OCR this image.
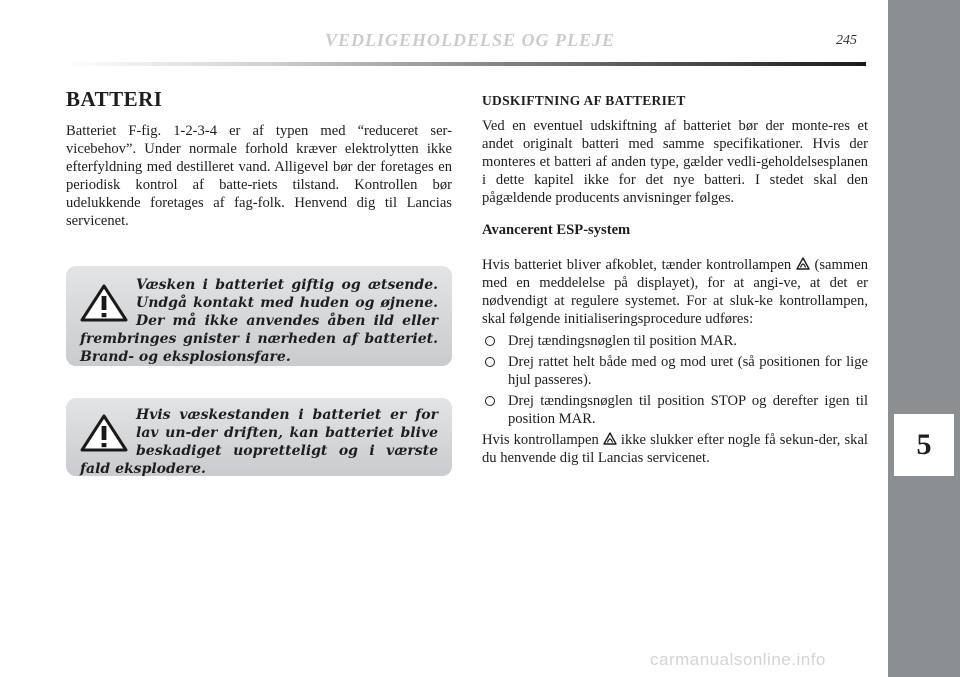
VEDLIGEHOLDELSE OG PLEJE	245
5
BATTERI

Batteriet F-fig. 1-2-3-4 er af typen med “reduceret ser-vicebehov”. Under normale forhold kræver elektrolytten ikke efterfyldning med destilleret vand. Alligevel bør der foretages en periodisk kontrol af batte-riets tilstand. Kontrollen bør udelukkende foretages af fag-folk. Henvend dig til Lancias servicenet.

Væsken i batteriet giftig og ætsende. Undgå kontakt med huden og øjnene. Der må ikke anvendes åben ild eller frembringes gnister i nærheden af batteriet. Brand- og eksplosionsfare.
Hvis væskestanden i batteriet er for lav un-der driften, kan batteriet blive beskadiget uopretteligt og i værste fald eksplodere.
UDSKIFTNING AF BATTERIET

Ved en eventuel udskiftning af batteriet bør der monte-res et andet originalt batteri med samme specifikationer. Hvis der monteres et batteri af anden type, gælder vedli-geholdelsesplanen i dette kapitel ikke for det nye batteri. I stedet skal den pågældende producents anvisninger følges.

Avancerent ESP-system

Hvis batteriet bliver afkoblet, tænder kontrollampen (sammen med en meddelelse på displayet), for at angi-ve, at det er nødvendigt at regulere systemet. For at sluk-ke kontrollampen, skal følgende initialiseringsprocedure udføres:

Drej tændingsnøglen til position MAR.
Drej rattet helt både med og mod uret (så positionen for lige hjul passeres).
Drej tændingsnøglen til position STOP og derefter igen til position MAR.

Hvis kontrollampen ikke slukker efter nogle få sekun-der, skal du henvende dig til Lancias servicenet.

carmanualsonline.info
